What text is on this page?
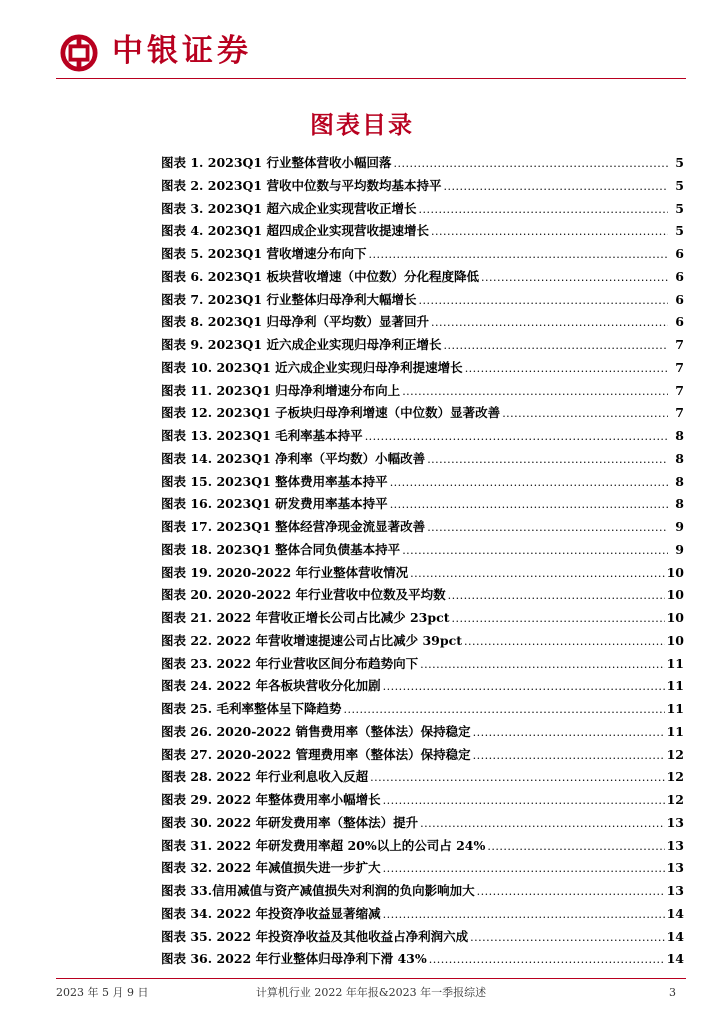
中银证券
图表目录
图表 1. 2023Q1 行业整体营收小幅回落 .....	5
图表 2. 2023Q1 营收中位数与平均数均基本持平 .....	5
图表 3. 2023Q1 超六成企业实现营收正增长 .....	5
图表 4. 2023Q1 超四成企业实现营收提速增长 .....	5
图表 5. 2023Q1 营收增速分布向下 .....	6
图表 6. 2023Q1 板块营收增速（中位数）分化程度降低 .....	6
图表 7. 2023Q1 行业整体归母净利大幅增长 .....	6
图表 8. 2023Q1 归母净利（平均数）显著回升 .....	6
图表 9. 2023Q1 近六成企业实现归母净利正增长 .....	7
图表 10. 2023Q1 近六成企业实现归母净利提速增长 .....	7
图表 11. 2023Q1 归母净利增速分布向上 .....	7
图表 12. 2023Q1 子板块归母净利增速（中位数）显著改善 .....	7
图表 13. 2023Q1 毛利率基本持平 .....	8
图表 14. 2023Q1 净利率（平均数）小幅改善 .....	8
图表 15. 2023Q1 整体费用率基本持平 .....	8
图表 16. 2023Q1 研发费用率基本持平 .....	8
图表 17. 2023Q1 整体经营净现金流显著改善 .....	9
图表 18. 2023Q1 整体合同负债基本持平 .....	9
图表 19. 2020-2022 年行业整体营收情况 .....	10
图表 20. 2020-2022 年行业营收中位数及平均数 .....	10
图表 21. 2022 年营收正增长公司占比减少 23pct .....	10
图表 22. 2022 年营收增速提速公司占比减少 39pct .....	10
图表 23. 2022 年行业营收区间分布趋势向下 .....	11
图表 24. 2022 年各板块营收分化加剧 .....	11
图表 25. 毛利率整体呈下降趋势 .....	11
图表 26. 2020-2022 销售费用率（整体法）保持稳定 .....	11
图表 27. 2020-2022 管理费用率（整体法）保持稳定 .....	12
图表 28. 2022 年行业利息收入反超 .....	12
图表 29. 2022 年整体费用率小幅增长 .....	12
图表 30. 2022 年研发费用率（整体法）提升 .....	13
图表 31. 2022 年研发费用率超 20%以上的公司占 24% .....	13
图表 32. 2022 年减值损失进一步扩大 .....	13
图表 33.信用减值与资产减值损失对利润的负向影响加大 .....	13
图表 34. 2022 年投资净收益显著缩减 .....	14
图表 35. 2022 年投资净收益及其他收益占净利润六成 .....	14
图表 36. 2022 年行业整体归母净利下滑 43% .....	14
2023 年 5 月 9 日	计算机行业 2022 年年报&2023 年一季报综述	3
